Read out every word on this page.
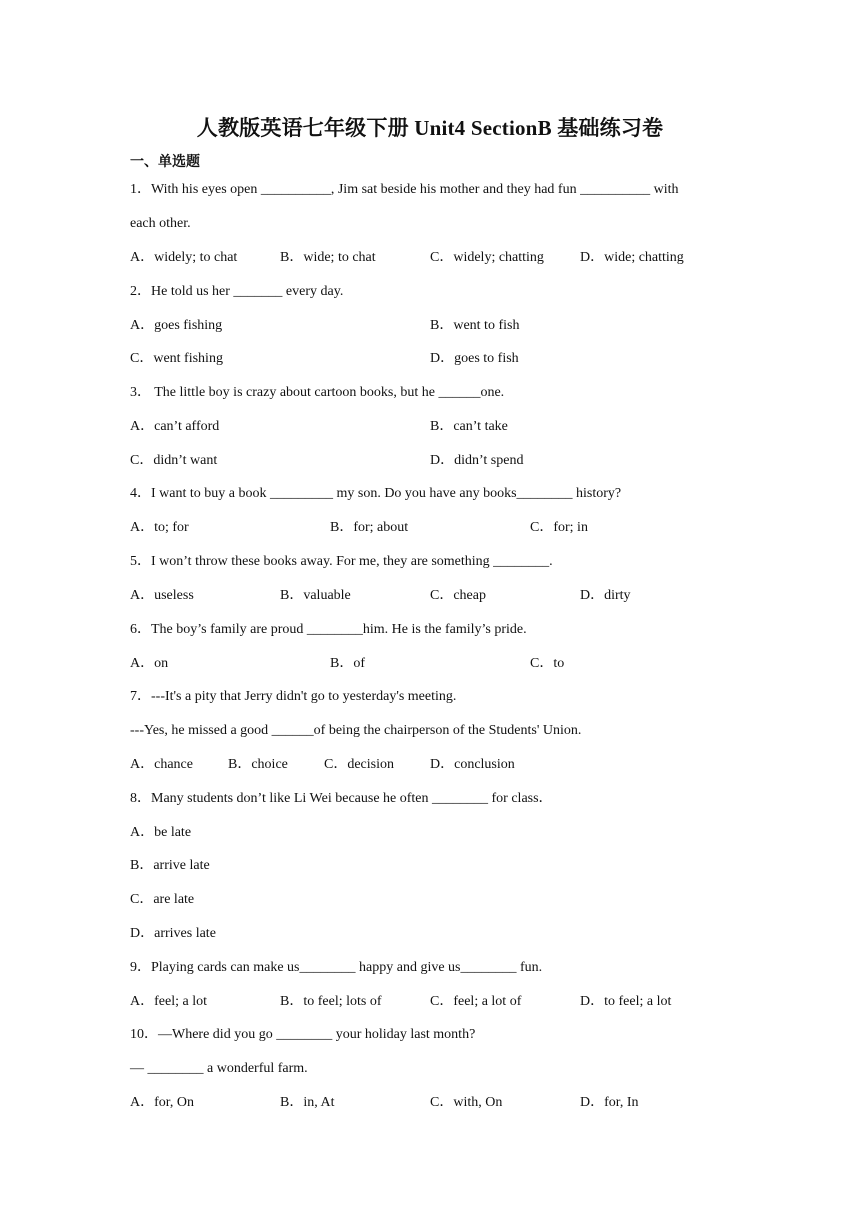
人教版英语七年级下册 Unit4 SectionB 基础练习卷
一、单选题
1．With his eyes open __________, Jim sat beside his mother and they had fun __________ with
each other.
A．widely; to chat	B．wide; to chat	C．widely; chatting	D．wide; chatting
2．He told us her _______ every day.
A．goes fishing	B．went to fish
C．went fishing	D．goes to fish
3． The little boy is crazy about cartoon books, but he ______one.
A．can’t afford	B．can’t take
C．didn’t want	D．didn’t spend
4．I want to buy a book _________ my son. Do you have any books________ history?
A．to; for	B．for; about	C．for; in
5．I won’t throw these books away. For me, they are something ________.
A．useless	B．valuable	C．cheap	D．dirty
6．The boy’s family are proud ________him. He is the family’s pride.
A．on	B．of	C．to
7．---It's a pity that Jerry didn't go to yesterday's meeting.
---Yes, he missed a good ______of being the chairperson of the Students' Union.
A．chance	B．choice	C．decision	D．conclusion
8．Many students don’t like Li Wei because he often ________ for class．
A．be late
B．arrive late
C．are late
D．arrives late
9．Playing cards can make us________ happy and give us________ fun.
A．feel; a lot	B．to feel; lots of	C．feel; a lot of	D．to feel; a lot
10．—Where did you go ________ your holiday last month?
— ________ a wonderful farm.
A．for, On	B．in, At	C．with, On	D．for, In
